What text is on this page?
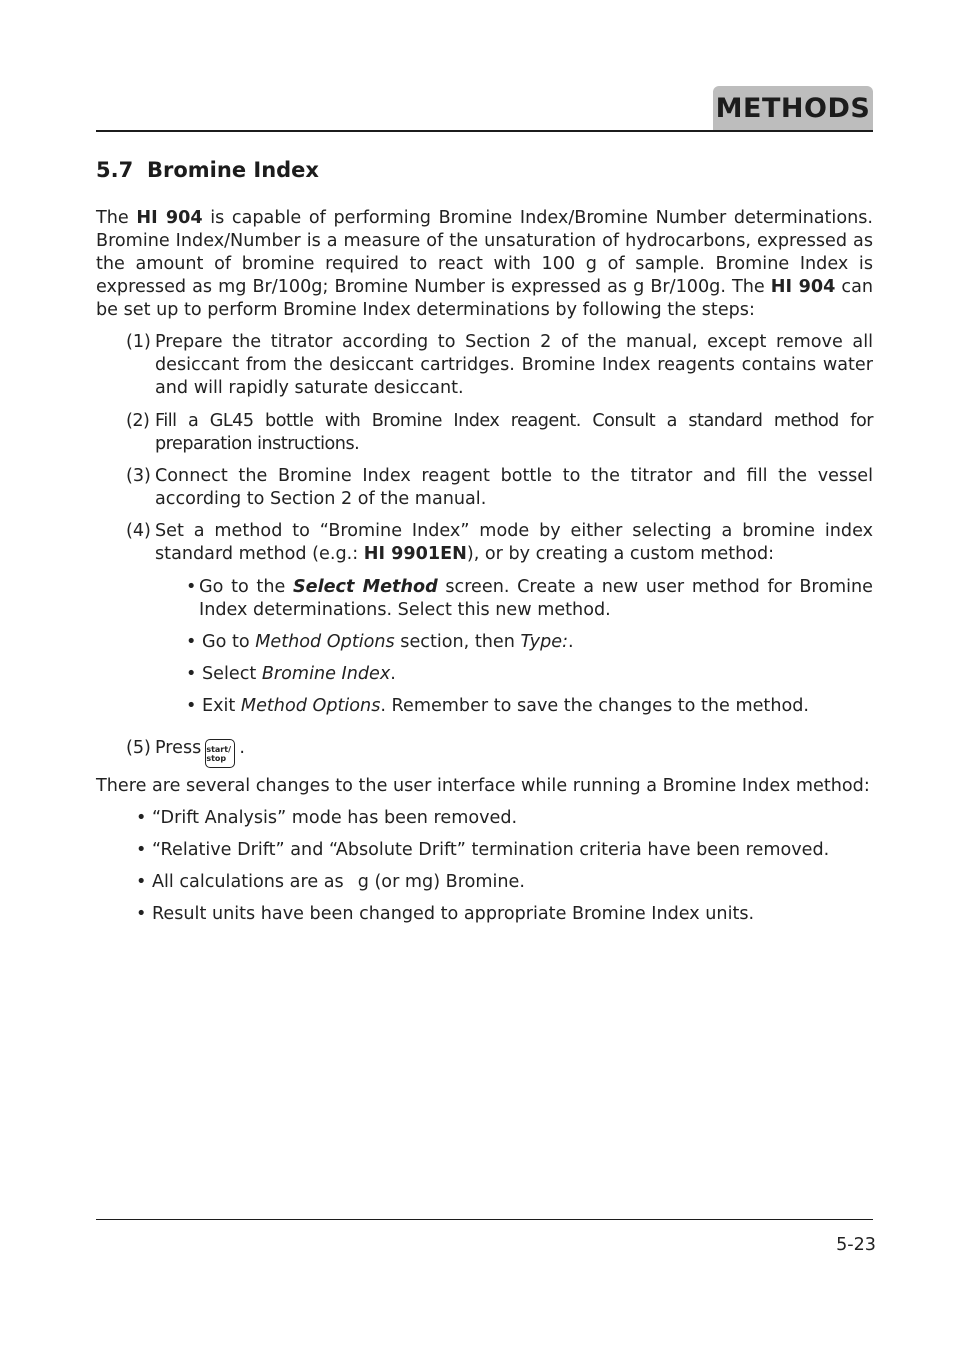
METHODS
5.7 Bromine Index
The HI 904 is capable of performing Bromine Index/Bromine Number determinations. Bromine Index/Number is a measure of the unsaturation of hydrocarbons, expressed as the amount of bromine required to react with 100 g of sample. Bromine Index is expressed as mg Br/100g; Bromine Number is expressed as g Br/100g. The HI 904 can be set up to perform Bromine Index determinations by following the steps:
(1) Prepare the titrator according to Section 2 of the manual, except remove all desiccant from the desiccant cartridges. Bromine Index reagents contains water and will rapidly saturate desiccant.
(2) Fill a GL45 bottle with Bromine Index reagent. Consult a standard method for preparation instructions.
(3) Connect the Bromine Index reagent bottle to the titrator and fill the vessel according to Section 2 of the manual.
(4) Set a method to “Bromine Index” mode by either selecting a bromine index standard method (e.g.: HI 9901EN), or by creating a custom method:
• Go to the Select Method screen. Create a new user method for Bromine Index determinations. Select this new method.
• Go to Method Options section, then Type:.
• Select Bromine Index.
• Exit Method Options. Remember to save the changes to the method.
(5) Press start/
stop
.
There are several changes to the user interface while running a Bromine Index method:
• “Drift Analysis” mode has been removed.
• “Relative Drift” and “Absolute Drift” termination criteria have been removed.
• All calculations are as g (or mg) Bromine.
• Result units have been changed to appropriate Bromine Index units.
5-23
